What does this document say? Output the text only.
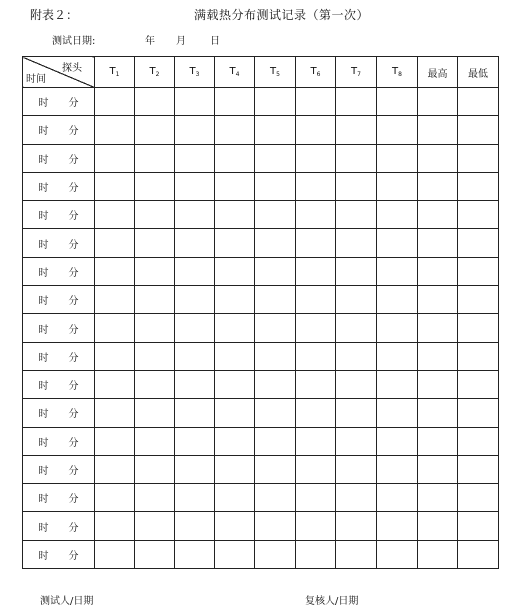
附表２：	满载热分布测试记录（第一次）
测试日期:	年 月 日
探头
时间	$T_1$	$T_2$	$T_3$	$T_4$	$T_5$	$T_6$	$T_7$	$T_8$	最高	最低
时 分										
时 分										
时 分										
时 分										
时 分										
时 分										
时 分										
时 分										
时 分										
时 分										
时 分										
时 分										
时 分										
时 分										
时 分										
时 分										
时 分										
测试人/日期	复核人/日期
